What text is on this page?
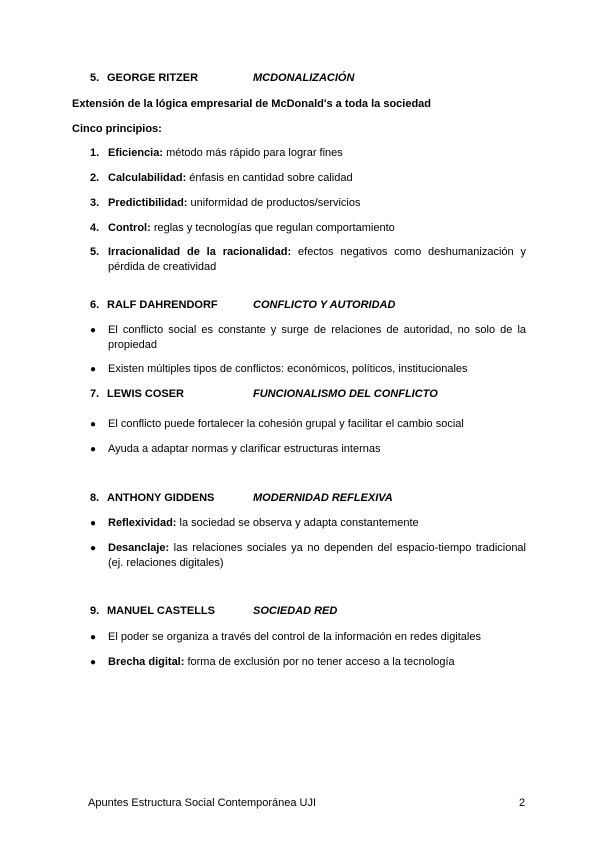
5. GEORGE RITZER	MCDONALIZACIÓN
Extensión de la lógica empresarial de McDonald's a toda la sociedad
Cinco principios:
1. Eficiencia: método más rápido para lograr fines
2. Calculabilidad: énfasis en cantidad sobre calidad
3. Predictibilidad: uniformidad de productos/servicios
4. Control: reglas y tecnologías que regulan comportamiento
5. Irracionalidad de la racionalidad: efectos negativos como deshumanización y pérdida de creatividad
6. RALF DAHRENDORF	CONFLICTO Y AUTORIDAD
●	El conflicto social es constante y surge de relaciones de autoridad, no solo de la propiedad
●	Existen múltiples tipos de conflictos: económicos, políticos, institucionales
7. LEWIS COSER	FUNCIONALISMO DEL CONFLICTO
●	El conflicto puede fortalecer la cohesión grupal y facilitar el cambio social
●	Ayuda a adaptar normas y clarificar estructuras internas
8. ANTHONY GIDDENS	MODERNIDAD REFLEXIVA
●	Reflexividad: la sociedad se observa y adapta constantemente
●	Desanclaje: las relaciones sociales ya no dependen del espacio-tiempo tradicional (ej. relaciones digitales)
9. MANUEL CASTELLS	SOCIEDAD RED
●	El poder se organiza a través del control de la información en redes digitales
●	Brecha digital: forma de exclusión por no tener acceso a la tecnología
Apuntes Estructura Social Contemporánea UJI	2
